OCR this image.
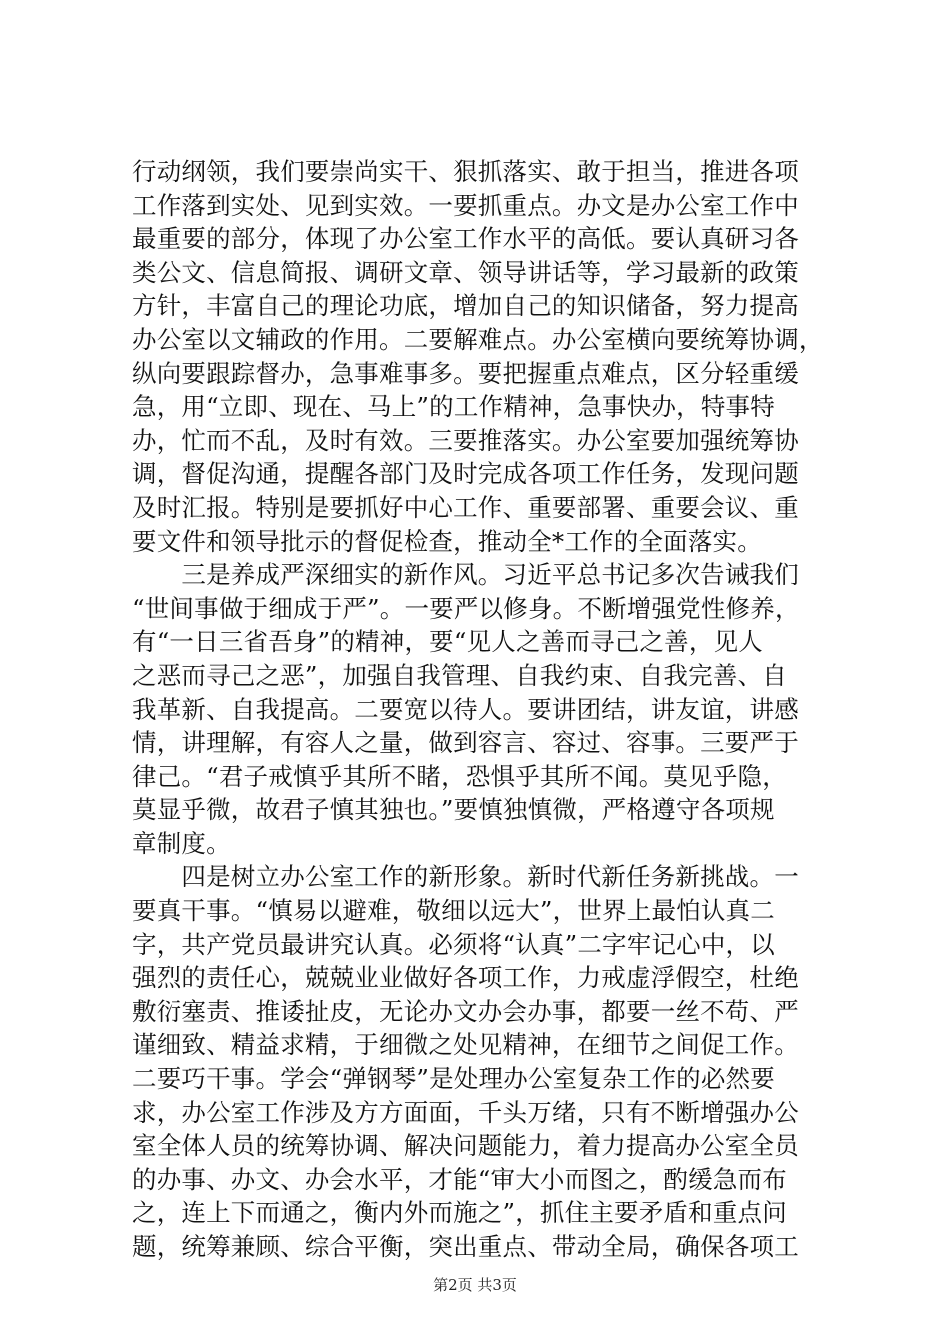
行动纲领，我们要崇尚实干、狠抓落实、敢于担当，推进各项
工作落到实处、见到实效。一要抓重点。办文是办公室工作中
最重要的部分，体现了办公室工作水平的高低。要认真研习各
类公文、信息简报、调研文章、领导讲话等，学习最新的政策
方针，丰富自己的理论功底，增加自己的知识储备，努力提高
办公室以文辅政的作用。二要解难点。办公室横向要统筹协调，
纵向要跟踪督办，急事难事多。要把握重点难点，区分轻重缓
急，用“立即、现在、马上”的工作精神，急事快办，特事特
办，忙而不乱，及时有效。三要推落实。办公室要加强统筹协
调，督促沟通，提醒各部门及时完成各项工作任务，发现问题
及时汇报。特别是要抓好中心工作、重要部署、重要会议、重
要文件和领导批示的督促检查，推动全*工作的全面落实。
　　三是养成严深细实的新作风。习近平总书记多次告诫我们
“世间事做于细成于严”。一要严以修身。不断增强党性修养，
有“一日三省吾身”的精神，要“见人之善而寻己之善，见人
之恶而寻己之恶”，加强自我管理、自我约束、自我完善、自
我革新、自我提高。二要宽以待人。要讲团结，讲友谊，讲感
情，讲理解，有容人之量，做到容言、容过、容事。三要严于
律己。“君子戒慎乎其所不睹，恐惧乎其所不闻。莫见乎隐，
莫显乎微，故君子慎其独也。”要慎独慎微，严格遵守各项规
章制度。
　　四是树立办公室工作的新形象。新时代新任务新挑战。一
要真干事。“慎易以避难，敬细以远大”，世界上最怕认真二
字，共产党员最讲究认真。必须将“认真”二字牢记心中，以
强烈的责任心，兢兢业业做好各项工作，力戒虚浮假空，杜绝
敷衍塞责、推诿扯皮，无论办文办会办事，都要一丝不苟、严
谨细致、精益求精，于细微之处见精神，在细节之间促工作。
二要巧干事。学会“弹钢琴”是处理办公室复杂工作的必然要
求，办公室工作涉及方方面面，千头万绪，只有不断增强办公
室全体人员的统筹协调、解决问题能力，着力提高办公室全员
的办事、办文、办会水平，才能“审大小而图之，酌缓急而布
之，连上下而通之，衡内外而施之”，抓住主要矛盾和重点问
题，统筹兼顾、综合平衡，突出重点、带动全局，确保各项工
第2页 共3页
